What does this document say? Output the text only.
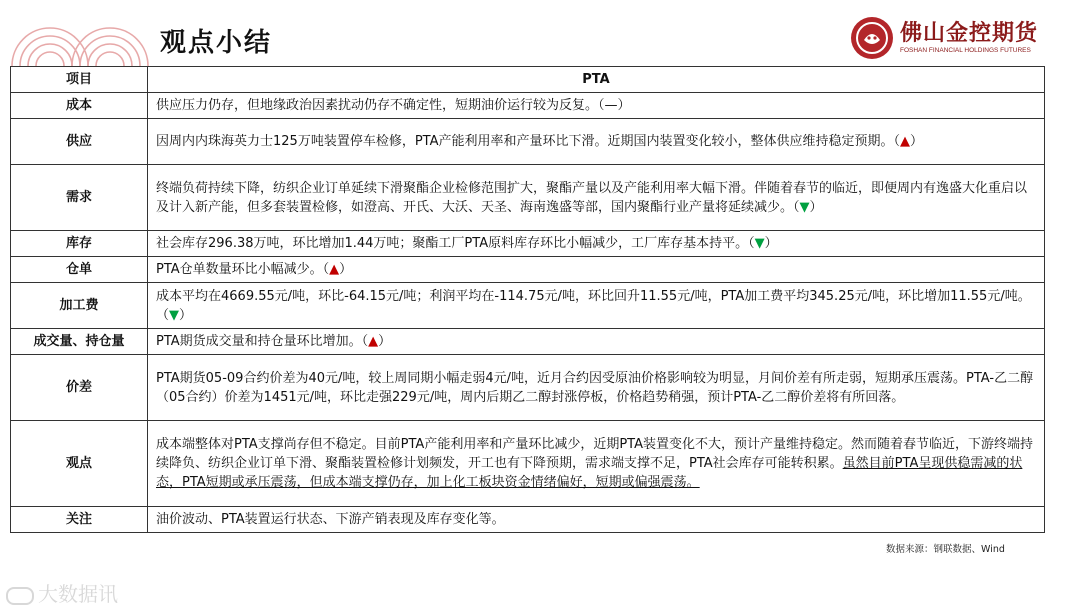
观点小结	佛山金控期货
FOSHAN FINANCIAL HOLDINGS FUTURES
项目	PTA
成本	供应压力仍存，但地缘政治因素扰动仍存不确定性，短期油价运行较为反复。（—）
供应	因周内内珠海英力士125万吨装置停车检修，PTA产能利用率和产量环比下滑。近期国内装置变化较小，整体供应维持稳定预期。（▲）
需求	终端负荷持续下降，纺织企业订单延续下滑聚酯企业检修范围扩大，聚酯产量以及产能利用率大幅下滑。伴随着春节的临近，即便周内有逸盛大化重启以及计入新产能，但多套装置检修，如澄高、开氏、大沃、天圣、海南逸盛等部，国内聚酯行业产量将延续减少。（▼）
库存	社会库存296.38万吨，环比增加1.44万吨；聚酯工厂PTA原料库存环比小幅减少，工厂库存基本持平。（▼）
仓单	PTA仓单数量环比小幅减少。（▲）
加工费	成本平均在4669.55元/吨，环比-64.15元/吨；利润平均在-114.75元/吨，环比回升11.55元/吨，PTA加工费平均345.25元/吨，环比增加11.55元/吨。    （▼）
成交量、持仓量	PTA期货成交量和持仓量环比增加。（▲）
价差	PTA期货05-09合约价差为40元/吨，较上周同期小幅走弱4元/吨，近月合约因受原油价格影响较为明显，月间价差有所走弱，短期承压震荡。PTA-乙二醇（05合约）价差为1451元/吨，环比走强229元/吨，周内后期乙二醇封涨停板，价格趋势稍强，预计PTA-乙二醇价差将有所回落。
观点	成本端整体对PTA支撑尚存但不稳定。目前PTA产能利用率和产量环比减少，近期PTA装置变化不大，预计产量维持稳定。然而随着春节临近，下游终端持续降负、纺织企业订单下滑、聚酯装置检修计划频发，开工也有下降预期，需求端支撑不足，PTA社会库存可能转积累。虽然目前PTA呈现供稳需减的状态，PTA短期或承压震荡，但成本端支撑仍存，加上化工板块资金情绪偏好，短期或偏强震荡。
关注	油价波动、PTA装置运行状态、下游产销表现及库存变化等。
数据来源：钢联数据、Wind
大数据讯
